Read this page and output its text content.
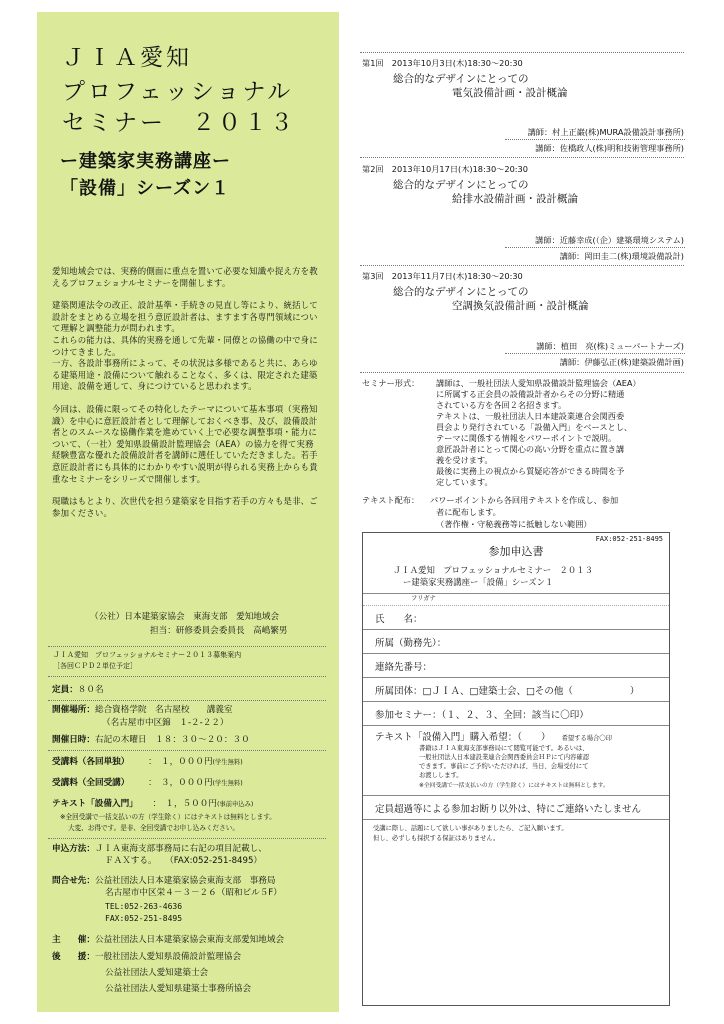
ＪＩＡ愛知
プロフェッショナル
セミナー　２０１３
ー建築家実務講座ー
「設備」シーズン１

愛知地域会では、実務的側面に重点を置いて必要な知識や捉え方を教えるプロフェショナルセミナーを開催します。

建築関連法令の改正、設計基準・手続きの見直し等により、統括して設計をまとめる立場を担う意匠設計者は、ますます各専門領域について理解と調整能力が問われます。

これらの能力は、具体的実務を通して先輩・同僚との協働の中で身につけてきました。

一方、各設計事務所によって、その状況は多様であると共に、あらゆる建築用途・設備について触れることなく、多くは、限定された建築用途、設備を通して、身につけていると思われます。

今回は、設備に限ってその特化したテーマについて基本事項（実務知識）を中心に意匠設計者として理解しておくべき事、及び、設備設計者とのスムースな協働作業を進めていく上で必要な調整事項・能力について、（一社）愛知県設備設計監理協会（AEA）の協力を得て実務経験豊富な優れた設備設計者を講師に選任していただきました。若手意匠設計者にも具体的にわかりやすい説明が得られる実務上からも貴重なセミナーをシリーズで開催します。

現職はもとより、次世代を担う建築家を目指す若手の方々も是非、ご参加ください。

（公社）日本建築家協会　東海支部　愛知地域会
担当：研修委員会委員長　高嶋繁男
ＪＩＡ愛知　プロフェッショナルセミナー２０１３募集案内
［各回ＣＰＤ２単位予定］
定員：８０名
開催場所：総合資格学院　名古屋校　　講義室
（名古屋市中区錦　１-２-２２）
開催日時：右記の木曜日　１８：３０～２０：３０
受講料（各回単独） ：　１，０００円(学生無料)
受講料（全回受講） ：　３，０００円(学生無料)
テキスト「設備入門」 ：　１，５００円(事前申込み)
※全回受講で一括支払いの方（学生除く）にはテキストは無料とします。
大変、お得です。是非、全回受講でお申し込みください。
申込方法：ＪＩＡ東海支部事務局に右記の項目記載し、
ＦＡＸする。　　（FAX:052-251-8495）
問合せ先：公益社団法人日本建築家協会東海支部　事務局
名古屋市中区栄４－３－２６（昭和ビル５F）
TEL:052-263-4636
FAX:052-251-8495
主　　催：公益社団法人日本建築家協会東海支部愛知地域会
後　　援：一般社団法人愛知県設備設計監理協会
公益社団法人愛知建築士会
公益社団法人愛知県建築士事務所協会
第1回　2013年10月3日(木)18:30～20:30
総合的なデザインにとっての
電気設備計画・設計概論
講師：村上正巌(株)MURA設備設計事務所)
講師：佐橋政人(株)明和技術管理事務所)
第2回　2013年10月17日(木)18:30～20:30
総合的なデザインにとっての
給排水設備計画・設計概論
講師：近藤幸成(（企）建築環境システム)
講師：岡田圭二(株)環境設備設計)
第3回　2013年11月7日(木)18:30～20:30
総合的なデザインにとっての
空調換気設備計画・設計概論
講師：植田　亮(株)ミューパートナーズ)
講師：伊藤弘正(株)建築設備計画)
セミナー形式： 講師は、一般社団法人愛知県設備設計監理協会（AEA）
に所属する正会員の設備設計者からその分野に精通
されている方を各回２名招きます。
テキストは、一般社団法人日本建設業連合会関西委
員会より発行されている「設備入門」をベースとし、
テーマに関係する情報をパワーポイントで説明。
意匠設計者にとって関心の高い分野を重点に置き講
義を受けます。
最後に実務上の視点から質疑応答ができる時間を予
定しています。
テキスト配布： パワーポイントから各回用テキストを作成し、参加
者に配布します。
（著作権・守秘義務等に抵触しない範囲）
FAX:052-251-8495
参加申込書
ＪＩＡ愛知　プロフェッショナルセミナー　２０１３
ー建築家実務講座ー「設備」シーズン１
フリガナ
氏　　名：
所属（勤務先）：
連絡先番号：
所属団体：□ＪＩＡ、□建築士会、□その他（　　　　　　）
参加セミナー：（１、２、３、全回：該当に〇印）
テキスト「設備入門」購入希望：（　　） 希望する場合〇印
書籍はＪＩＡ東海支部事務局にて閲覧可能です。あるいは、
一般社団法人日本建設業連合会関西委員会ＨＰにて内容確認
できます。事前にご予約いただければ、当日、会場受付にて
お渡しします。
※全回受講で一括支払いの方（学生除く）にはテキストは無料とします。
定員超過等による参加お断り以外は、特にご連絡いたしません
受講に際し、話題にして欲しい事がありましたら、ご記入願います。
但し、必ずしも採択する保証はありません。
